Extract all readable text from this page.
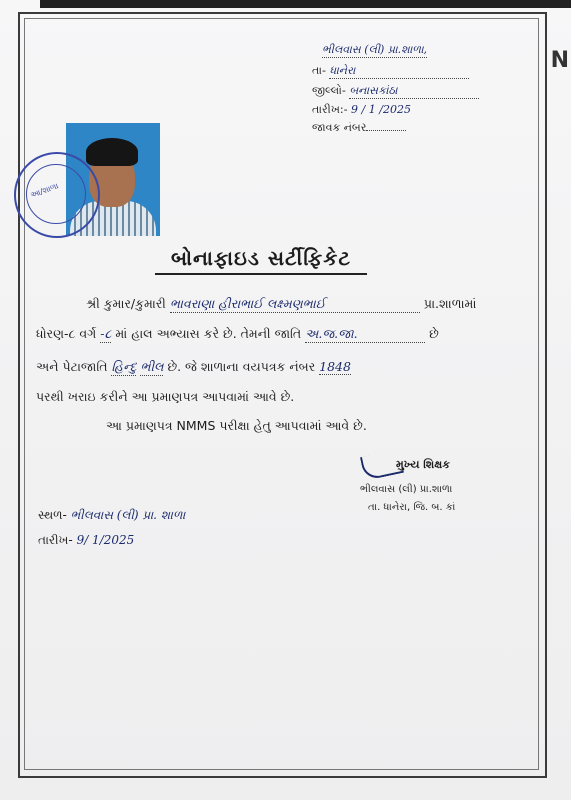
N
ભીલવાસ (લી) પ્રા.શાળા,
તા- ધાનેરા
જીલ્લો- બનાસકાંઠા
તારીખ:- 9 / 1 /2025
જાવક નંબર
આ/શાળા
બોનાફાઇડ સર્ટીફિકેટ
શ્રી કુમાર/કુમારી ભાવરાણા હીરાભાઈ લક્ષ્મણભાઈ	પ્રા.શાળામાં
ધોરણ-૮ વર્ગ -૮ માં હાલ અભ્યાસ કરે છે. તેમની જાતિ અ.જ.જા.	છે
અને પેટાજાતિ હિન્દુ ભીલ છે. જે શાળાના વયપત્રક નંબર 1848
પરથી ખરાઇ કરીને આ પ્રમાણપત્ર આપવામાં આવે છે.
આ પ્રમાણપત્ર NMMS પરીક્ષા હેતુ આપવામાં આવે છે.
મુખ્ય શિક્ષક
ભીલવાસ (લી) પ્રા.શાળા
તા. ધાનેરા, જિ. બ. કાં
સ્થળ- ભીલવાસ (લી) પ્રા. શાળા
તારીખ- 9/ 1/2025
